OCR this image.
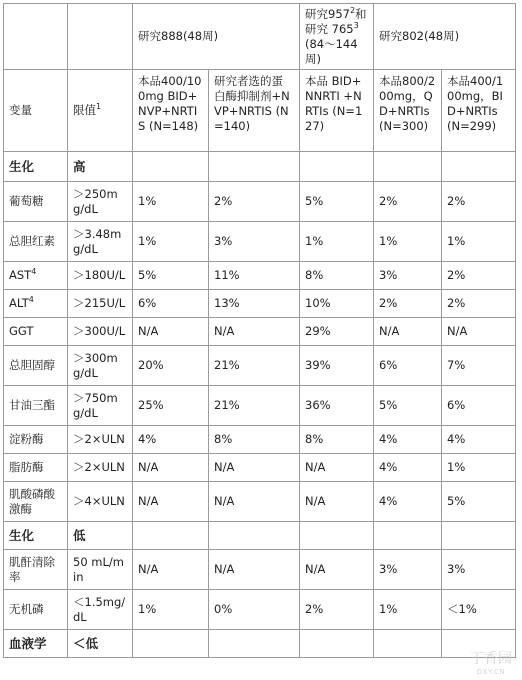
		研究888(48周)		研究$957^2$和研究 $765^3(84\sim 144$周)	研究802(48周)	
变量	限值$^1$	本品400/100mg BID+NVP+NRTIS (N=148)	研究者选的蛋白酶抑制剂+NVP+NRTIS (N=140)	本品 BID+NNRTI +NRTIs (N=127)	本品800/200mg，QD+NRTIs (N=300)	本品400/100mg，BID+NRTIs (N=299)
生化	高					
葡萄糖	＞250mg/dL	1%	2%	5%	2%	2%
总胆红素	＞3.48mg/dL	1%	3%	1%	1%	1%
$AST^4$	＞180U/L	5%	11%	8%	3%	2%
$ALT^4$	＞215U/L	6%	13%	10%	2%	2%
GGT	＞300U/L	N/A	N/A	29%	N/A	N/A
总胆固醇	＞300mg/dL	20%	21%	39%	6%	7%
甘油三酯	＞750mg/dL	25%	21%	36%	5%	6%
淀粉酶	＞2×ULN	4%	8%	8%	4%	4%
脂肪酶	＞2×ULN	N/A	N/A	N/A	4%	1%
肌酸磷酸激酶	＞4×ULN	N/A	N/A	N/A	4%	5%
生化	低					
肌酐清除率	50 mL/min	N/A	N/A	N/A	3%	3%
无机磷	＜1.5mg/dL	1%	0%	2%	1%	＜1%
血液学	＜低					
丁香园
DXY.CN
